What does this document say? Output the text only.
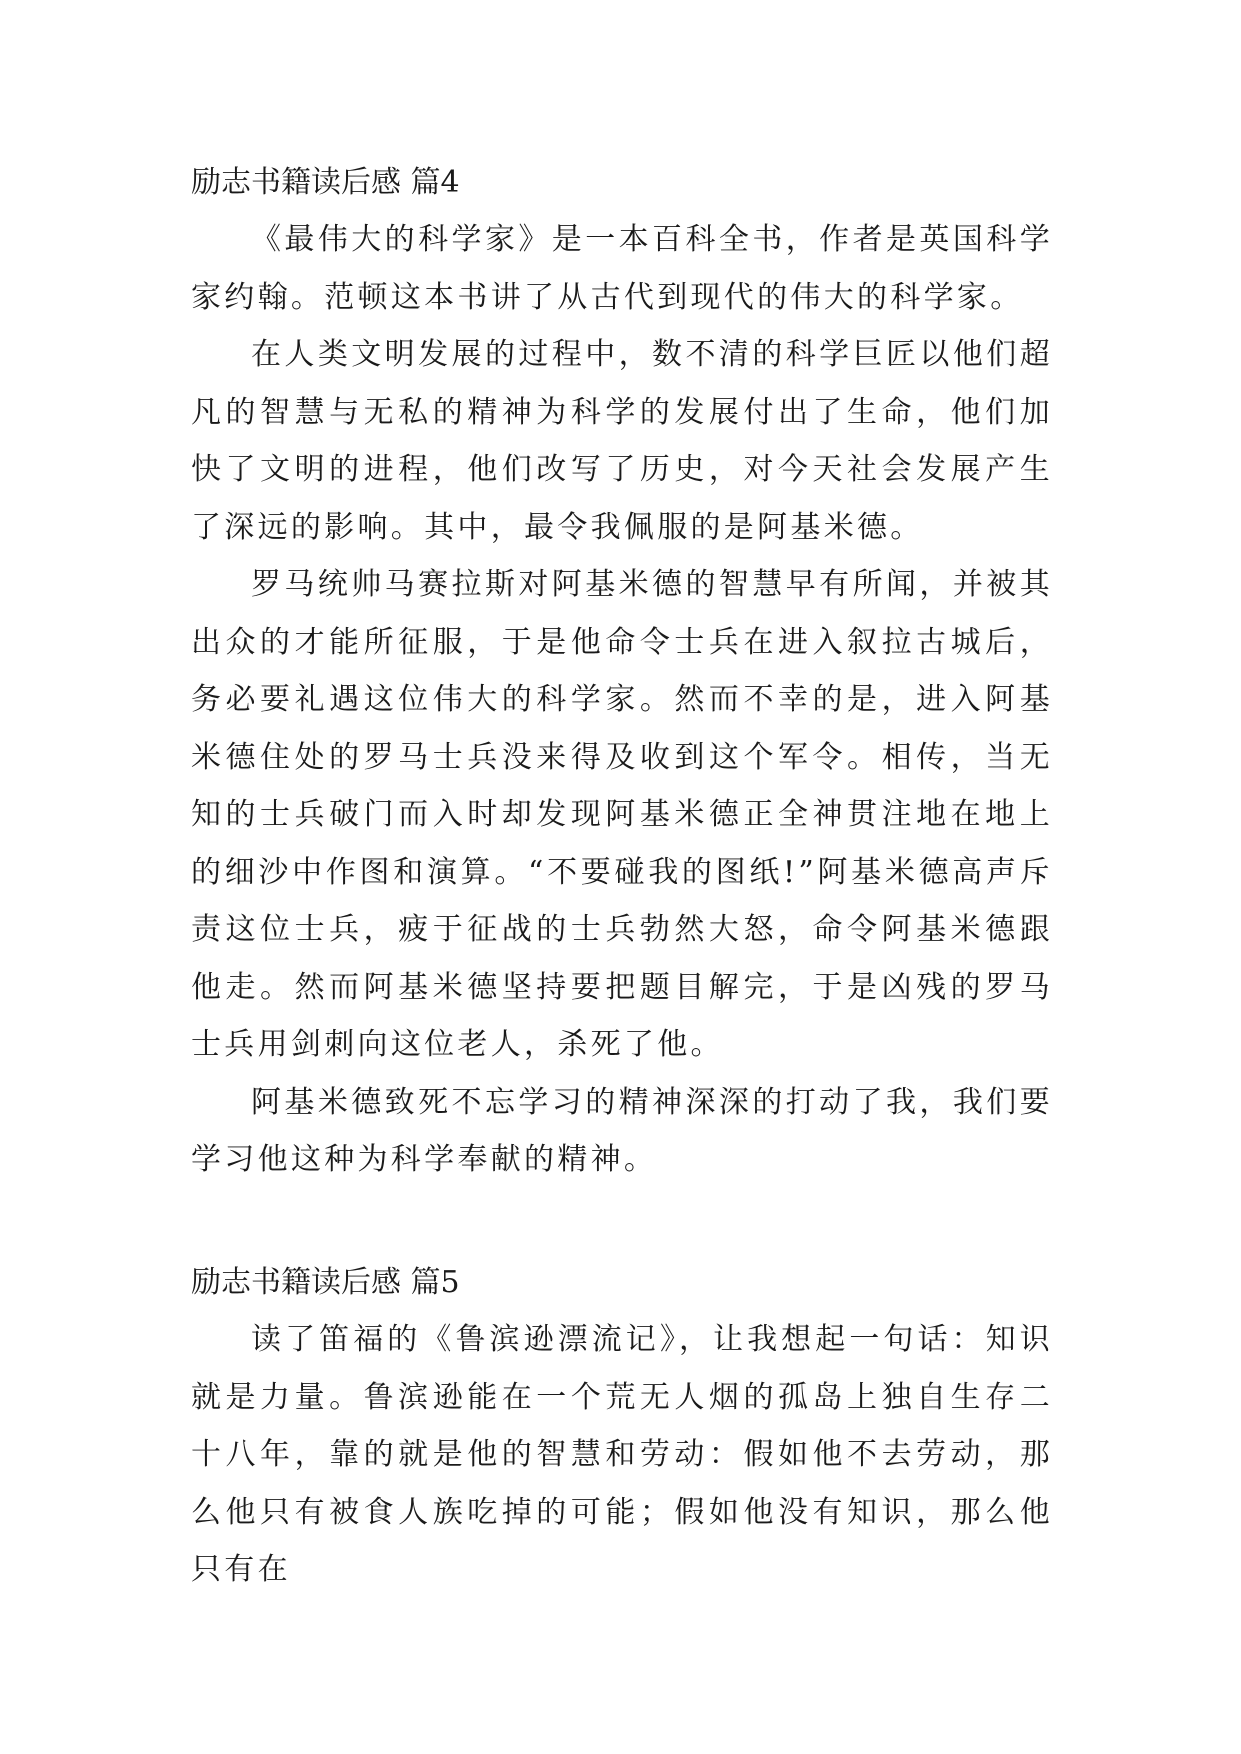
励志书籍读后感 篇4

《最伟大的科学家》是一本百科全书，作者是英国科学家约翰。范顿这本书讲了从古代到现代的伟大的科学家。

在人类文明发展的过程中，数不清的科学巨匠以他们超凡的智慧与无私的精神为科学的发展付出了生命，他们加快了文明的进程，他们改写了历史，对今天社会发展产生了深远的影响。其中，最令我佩服的是阿基米德。

罗马统帅马赛拉斯对阿基米德的智慧早有所闻，并被其出众的才能所征服，于是他命令士兵在进入叙拉古城后，务必要礼遇这位伟大的科学家。然而不幸的是，进入阿基米德住处的罗马士兵没来得及收到这个军令。相传，当无知的士兵破门而入时却发现阿基米德正全神贯注地在地上的细沙中作图和演算。“不要碰我的图纸!”阿基米德高声斥责这位士兵，疲于征战的士兵勃然大怒，命令阿基米德跟他走。然而阿基米德坚持要把题目解完，于是凶残的罗马士兵用剑刺向这位老人，杀死了他。

阿基米德致死不忘学习的精神深深的打动了我，我们要学习他这种为科学奉献的精神。

励志书籍读后感 篇5

读了笛福的《鲁滨逊漂流记》，让我想起一句话：知识就是力量。鲁滨逊能在一个荒无人烟的孤岛上独自生存二十八年，靠的就是他的智慧和劳动：假如他不去劳动，那么他只有被食人族吃掉的可能；假如他没有知识，那么他只有在
